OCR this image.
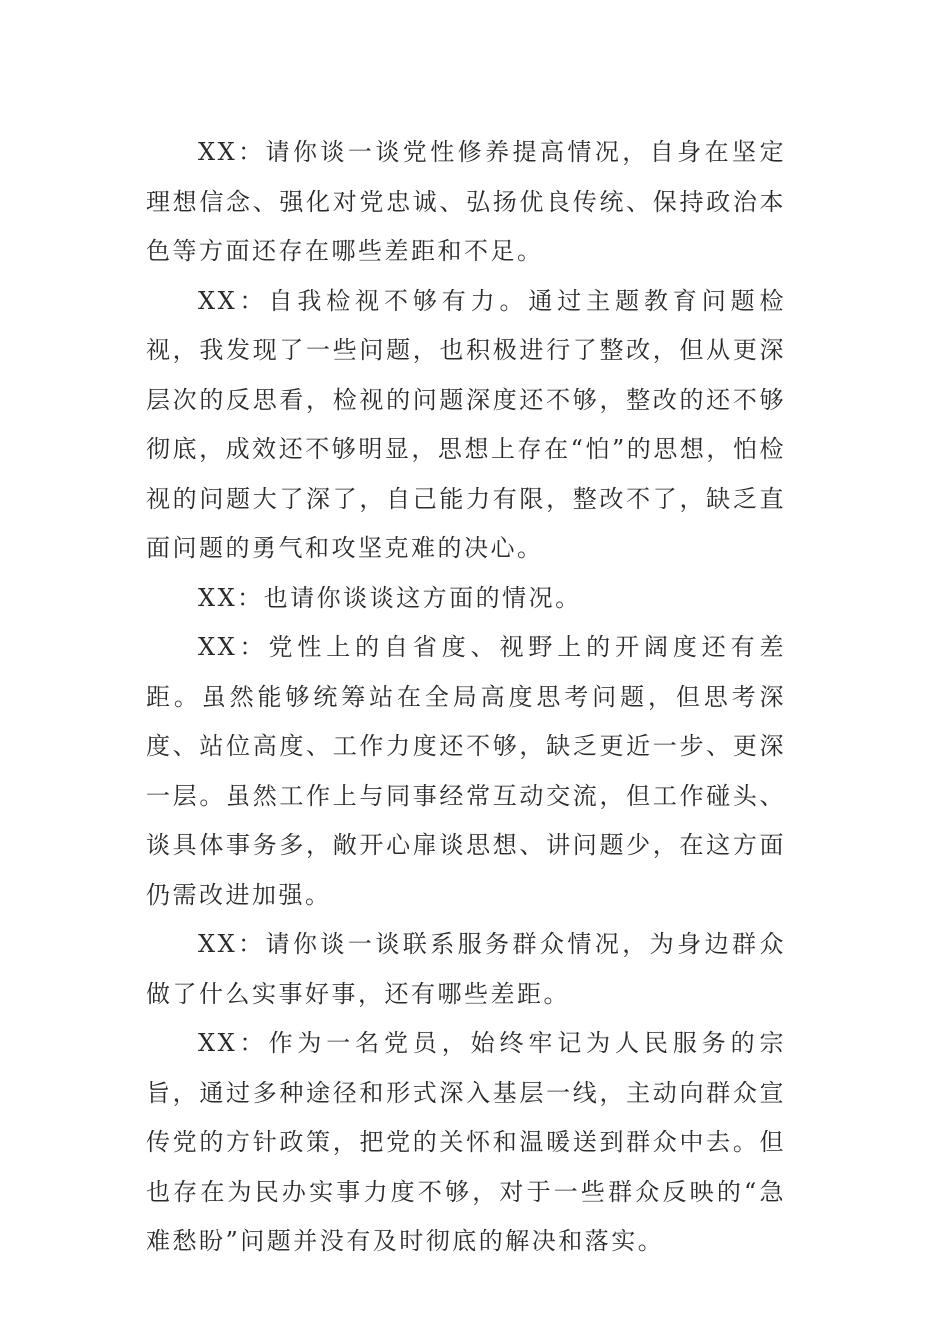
XX：请你谈一谈党性修养提高情况，自身在坚定理想信念、强化对党忠诚、弘扬优良传统、保持政治本色等方面还存在哪些差距和不足。

XX：自我检视不够有力。通过主题教育问题检视，我发现了一些问题，也积极进行了整改，但从更深层次的反思看，检视的问题深度还不够，整改的还不够彻底，成效还不够明显，思想上存在“怕”的思想，怕检视的问题大了深了，自己能力有限，整改不了，缺乏直面问题的勇气和攻坚克难的决心。

XX：也请你谈谈这方面的情况。

XX：党性上的自省度、视野上的开阔度还有差距。虽然能够统筹站在全局高度思考问题，但思考深度、站位高度、工作力度还不够，缺乏更近一步、更深一层。虽然工作上与同事经常互动交流，但工作碰头、谈具体事务多，敞开心扉谈思想、讲问题少，在这方面仍需改进加强。

XX：请你谈一谈联系服务群众情况，为身边群众做了什么实事好事，还有哪些差距。

XX：作为一名党员，始终牢记为人民服务的宗旨，通过多种途径和形式深入基层一线，主动向群众宣传党的方针政策，把党的关怀和温暖送到群众中去。但也存在为民办实事力度不够，对于一些群众反映的“急难愁盼”问题并没有及时彻底的解决和落实。
